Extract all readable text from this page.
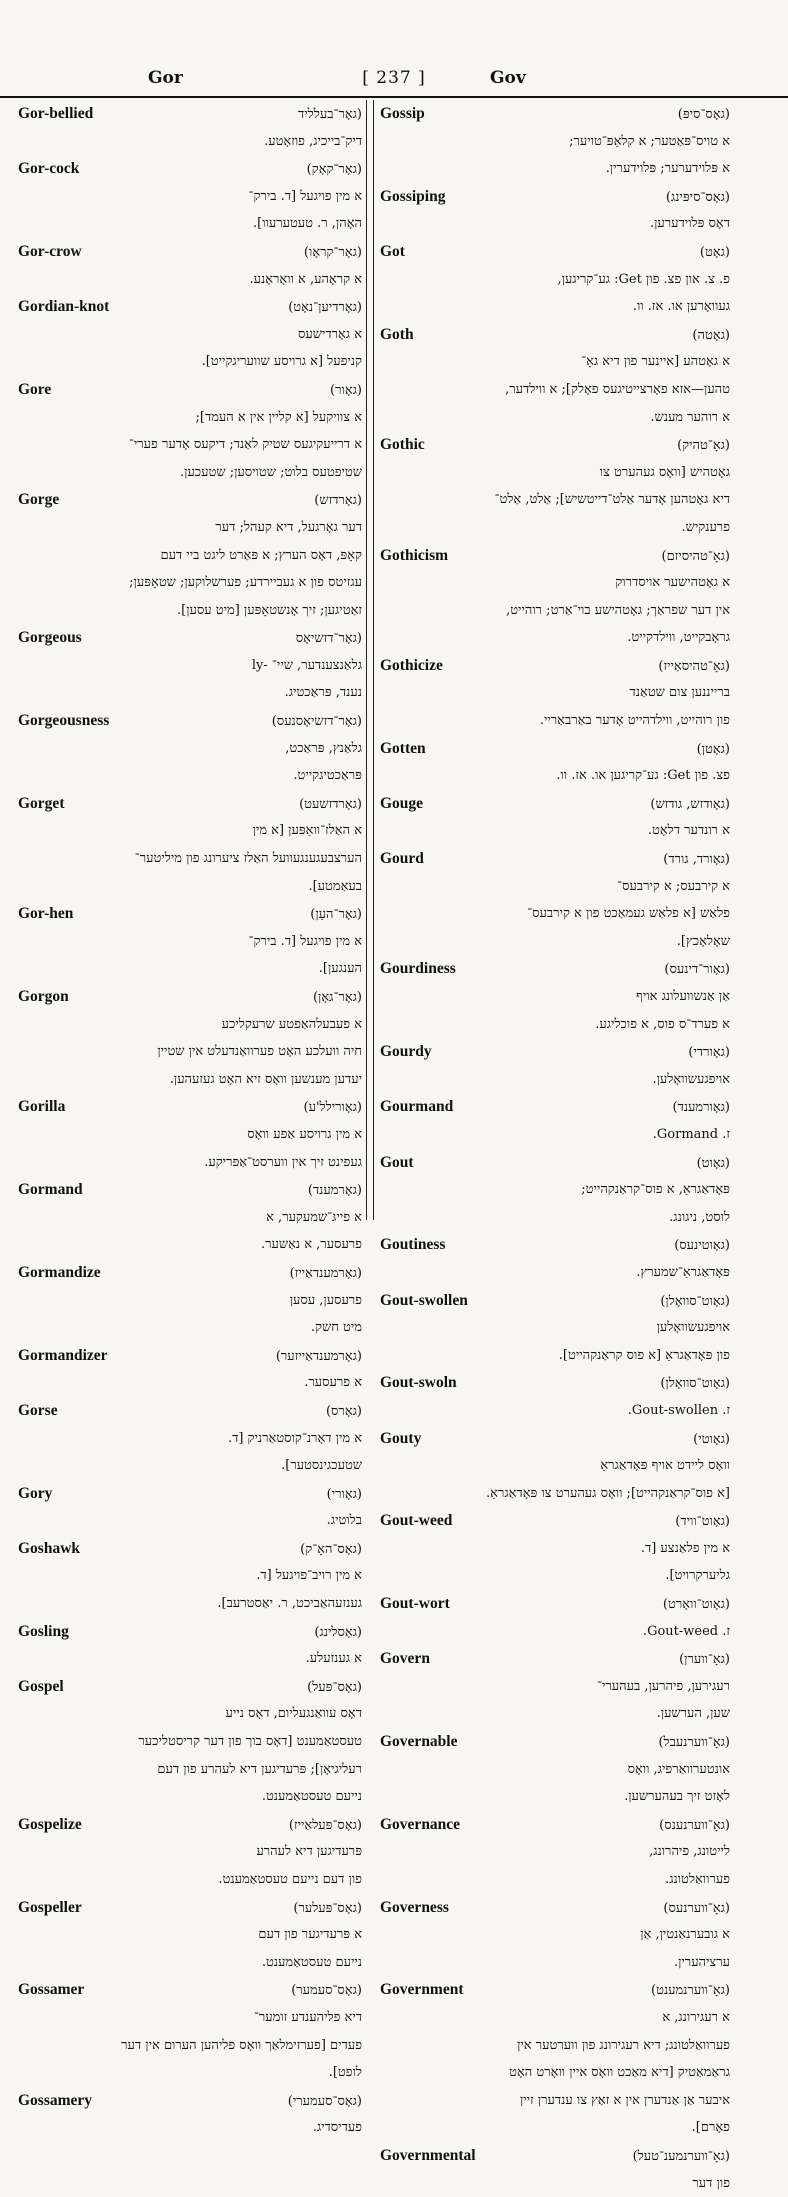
Gor	[ 237 ]	Gov
Gor-bellied	(גאָר־בעלליד
דיק־בייכיג, פוזאָטע.
Gor-cock	(גאָר־קאָק)
א מין פויגעל [ד. בירק־
האָהן, ר. טעטערעוו].
Gor-crow	(גאָר־קראָו)
א קראָהע, א וואָראָנע.
Gordian-knot	(גאָרדיען־נאָט)
א גאָרדישעס
קניפעל [א גרויסע שוועריגקייט].
Gore	(גאָור)
א צוויקעל [א קליין אין א העמד];
א דרייעקיגעס שטיק לאַנד; דיקעס אָדער פערי־
שטיפטעס בלוט; שטויסען; שטעכען.
Gorge	(גאָרדזש)
דער גאָרגעל, דיא קעהל; דער
קאָפּ, דאָס הערץ; א פּאַרט ליגט ביי דעם
עגזיטס פון א געביירדע; פערשלוקען; שטאָפּען;
זאַטיגען; זיך אָנשטאָפּען [מיט עסען].
Gorgeous	(גאָר־דזשיאָס
גלאַנצענדער, שיי־ -ly
נענד, פּראַכטיג.
Gorgeousness	(גאָר־דזשיאָסנעס)
גלאַנץ, פּראַכט,
פּראַכטיגקייט.
Gorget	(גאָרדזשעט)
א האַלז־וואַפּען [א מין
הערצבעגענגעוועל האַלז ציערונג פון מיליטער־
בעאַמטע].
Gor-hen	(גאָר־העַן)
א מין פויגעל [ד. בירק־
הענגען].
Gorgon	(גאָר־גאָן)
א פעבעלהאַפטע שרעקליכע
חיה וועלכע האָט פערוואַנדעלט אין שטיין
יעדען מענשען וואָס זיא האָט געזעהען.
Gorilla	(גאָורילל'ע)
א מין גרויסע אַפע וואָס
געפינט זיך אין ווערסט־אַפריקע.
Gormand	(גאָרמענד)
א פייגּ־שמעקער, א
פרעסער, א נאַשער.
Gormandize	(גאָרמענדאַייז)
פרעסען, עסען
מיט חשק.
Gormandizer	(גאָרמענדאַייזער)
א פרעסער.
Gorse	(גאָרס)
א מין דאָרנ־קוסטאַרניק [ד.
שטעכגינסטער].
Gory	(גאָורי)
בלוטיג.
Goshawk	(גאָס־האָ־ק)
א מין רויב־פויגעל [ד.
גענזעהאַביכט, ר. יאַסטרעב].
Gosling	(גאָסלינג)
א גענזעלע.
Gospel	(גאָס־פּעל)
דאָס עוואַנגעליום, דאָס נייע
טעסטאַמענט [דאָס בוך פון דער קריסטליכער
רעליגיאָן]; פּרעדיגען דיא לעהרע פון דעם
נייעם טעסטאַמענט.
Gospelize	(גאָס־פּעלאַייז)
פּרעדיגען דיא לעהרע
פון דעם נייעם טעסטאַמענט.
Gospeller	(גאָס־פּעלער)
א פּרעדיגער פון דעם
נייעם טעסטאַמענט.
Gossamer	(גאָס־סעמער)
דיא פליהענדע זומער־
פעדים [פערזימלאַך וואָס פליהען הערום אין דער
לופט].
Gossamery	(גאָס־סעמערי)
פעדיסדיג.
Gossip	(גאָס־סיפּ)
א טויס־פּאַטער; א קלאַפּ־טויער;
א פּלוידערער; פּלוידערין.
Gossiping	(גאָס־סיפּינג)
דאָס פּלוידערען.
Got	(גאָט)
פ. צ. און פצ. פון Get: גע־קריגען,
געוואָרען או. אז. וו.
Goth	(גאָטה)
א גאָטהע [איינער פון דיא גאָ־
טהען—אזא פאָרצייטיגעס פאָלק]; א ווילדער,
א רוהער מענש.
Gothic	(גאָ־טהיק)
גאָטהיש [וואָס געהערט צו
דיא גאָטהען אָדער אַלט־דייטשיש]; אַלט, אַלט־
פרענקיש.
Gothicism	(גאָ־טהיסיזם)
א גאָטהישער אויסדרוק
אין דער שפראַך; גאָטהישע בוי־אַרט; רוהייט,
גראָבקייט, ווילדקייט.
Gothicize	(גאָ־טהיסאַייז)
ברייננען צום שטאַנד
פון רוהייט, ווילדהייט אָדער באַרבאַריי.
Gotten	(גאָטן)
פצ. פון Get: גע־קריגען או. אז. וו.
Gouge	(גאָודזש, גודזש)
א רונדער דלאָט.
Gourd	(גאָורד, גורד)
א קירבעס; א קירבעס־
פלאַש [א פלאַש געמאַכט פון א קירבעס־
שאָלאָכץ].
Gourdiness	(גאָור־דינעס)
אַן אַנשוועלונג אויף
א פערד־ס פוס, א פוכליגע.
Gourdy	(גאָורדי)
אויפגעשוואָלען.
Gourmand	(גאָורמענד)
ז. Gormand.
Gout	(גאָוט)
פּאָדאַגראַ, א פוס־קראַנקהייט;
לוסט, ניגונג.
Goutiness	(גאָוטינעס)
פּאָדאַגראַ־שמערץ.
Gout-swollen	(גאָוט־סוואָלן)
אויפגעשוואָלען
פון פּאָדאַגראַ [א פוס קראַנקהייט].
Gout-swoln	(גאָוט־סוואָלן)
ז. Gout-swollen.
Gouty	(גאָוטי)
וואָס ליידט אויף פּאָדאַגראַ
[א פוס־קראַנקהייט]; וואָס געהערט צו פּאָדאַגראַ.
Gout-weed	(גאָוט־וויד)
א מין פלאַנצע [ד.
גליערקרויט].
Gout-wort	(גאָוט־וואָרט)
ז. Gout-weed.
Govern	(גאָ־ווערן)
רעגירען, פיהרען, בעהערי־
שען, הערשען.
Governable	(גאָ־ווערנעבל)
אונטערוואַרפיג, וואָס
לאָזט זיך בעהערשען.
Governance	(גאָ־ווערנענס)
לייטונג, פיהרונג,
פערוואַלטונג.
Governess	(גאָ־ווערנעס)
א גובערנאַנטין, אַן
ערציהערין.
Government	(גאָ־ווערנמענט)
א רעגירונג, א
פערוואַלטונג; דיא רעגירונג פון ווערטער אין
גראַמאַטיק [דיא מאַכט וואָס איין וואָרט האָט
איבער אַן אַנדערן אין א זאַץ צו ענדערן זיין
פאָרם].
Governmental	(גאָ־ווערנמענ־טעל)
פון דער
